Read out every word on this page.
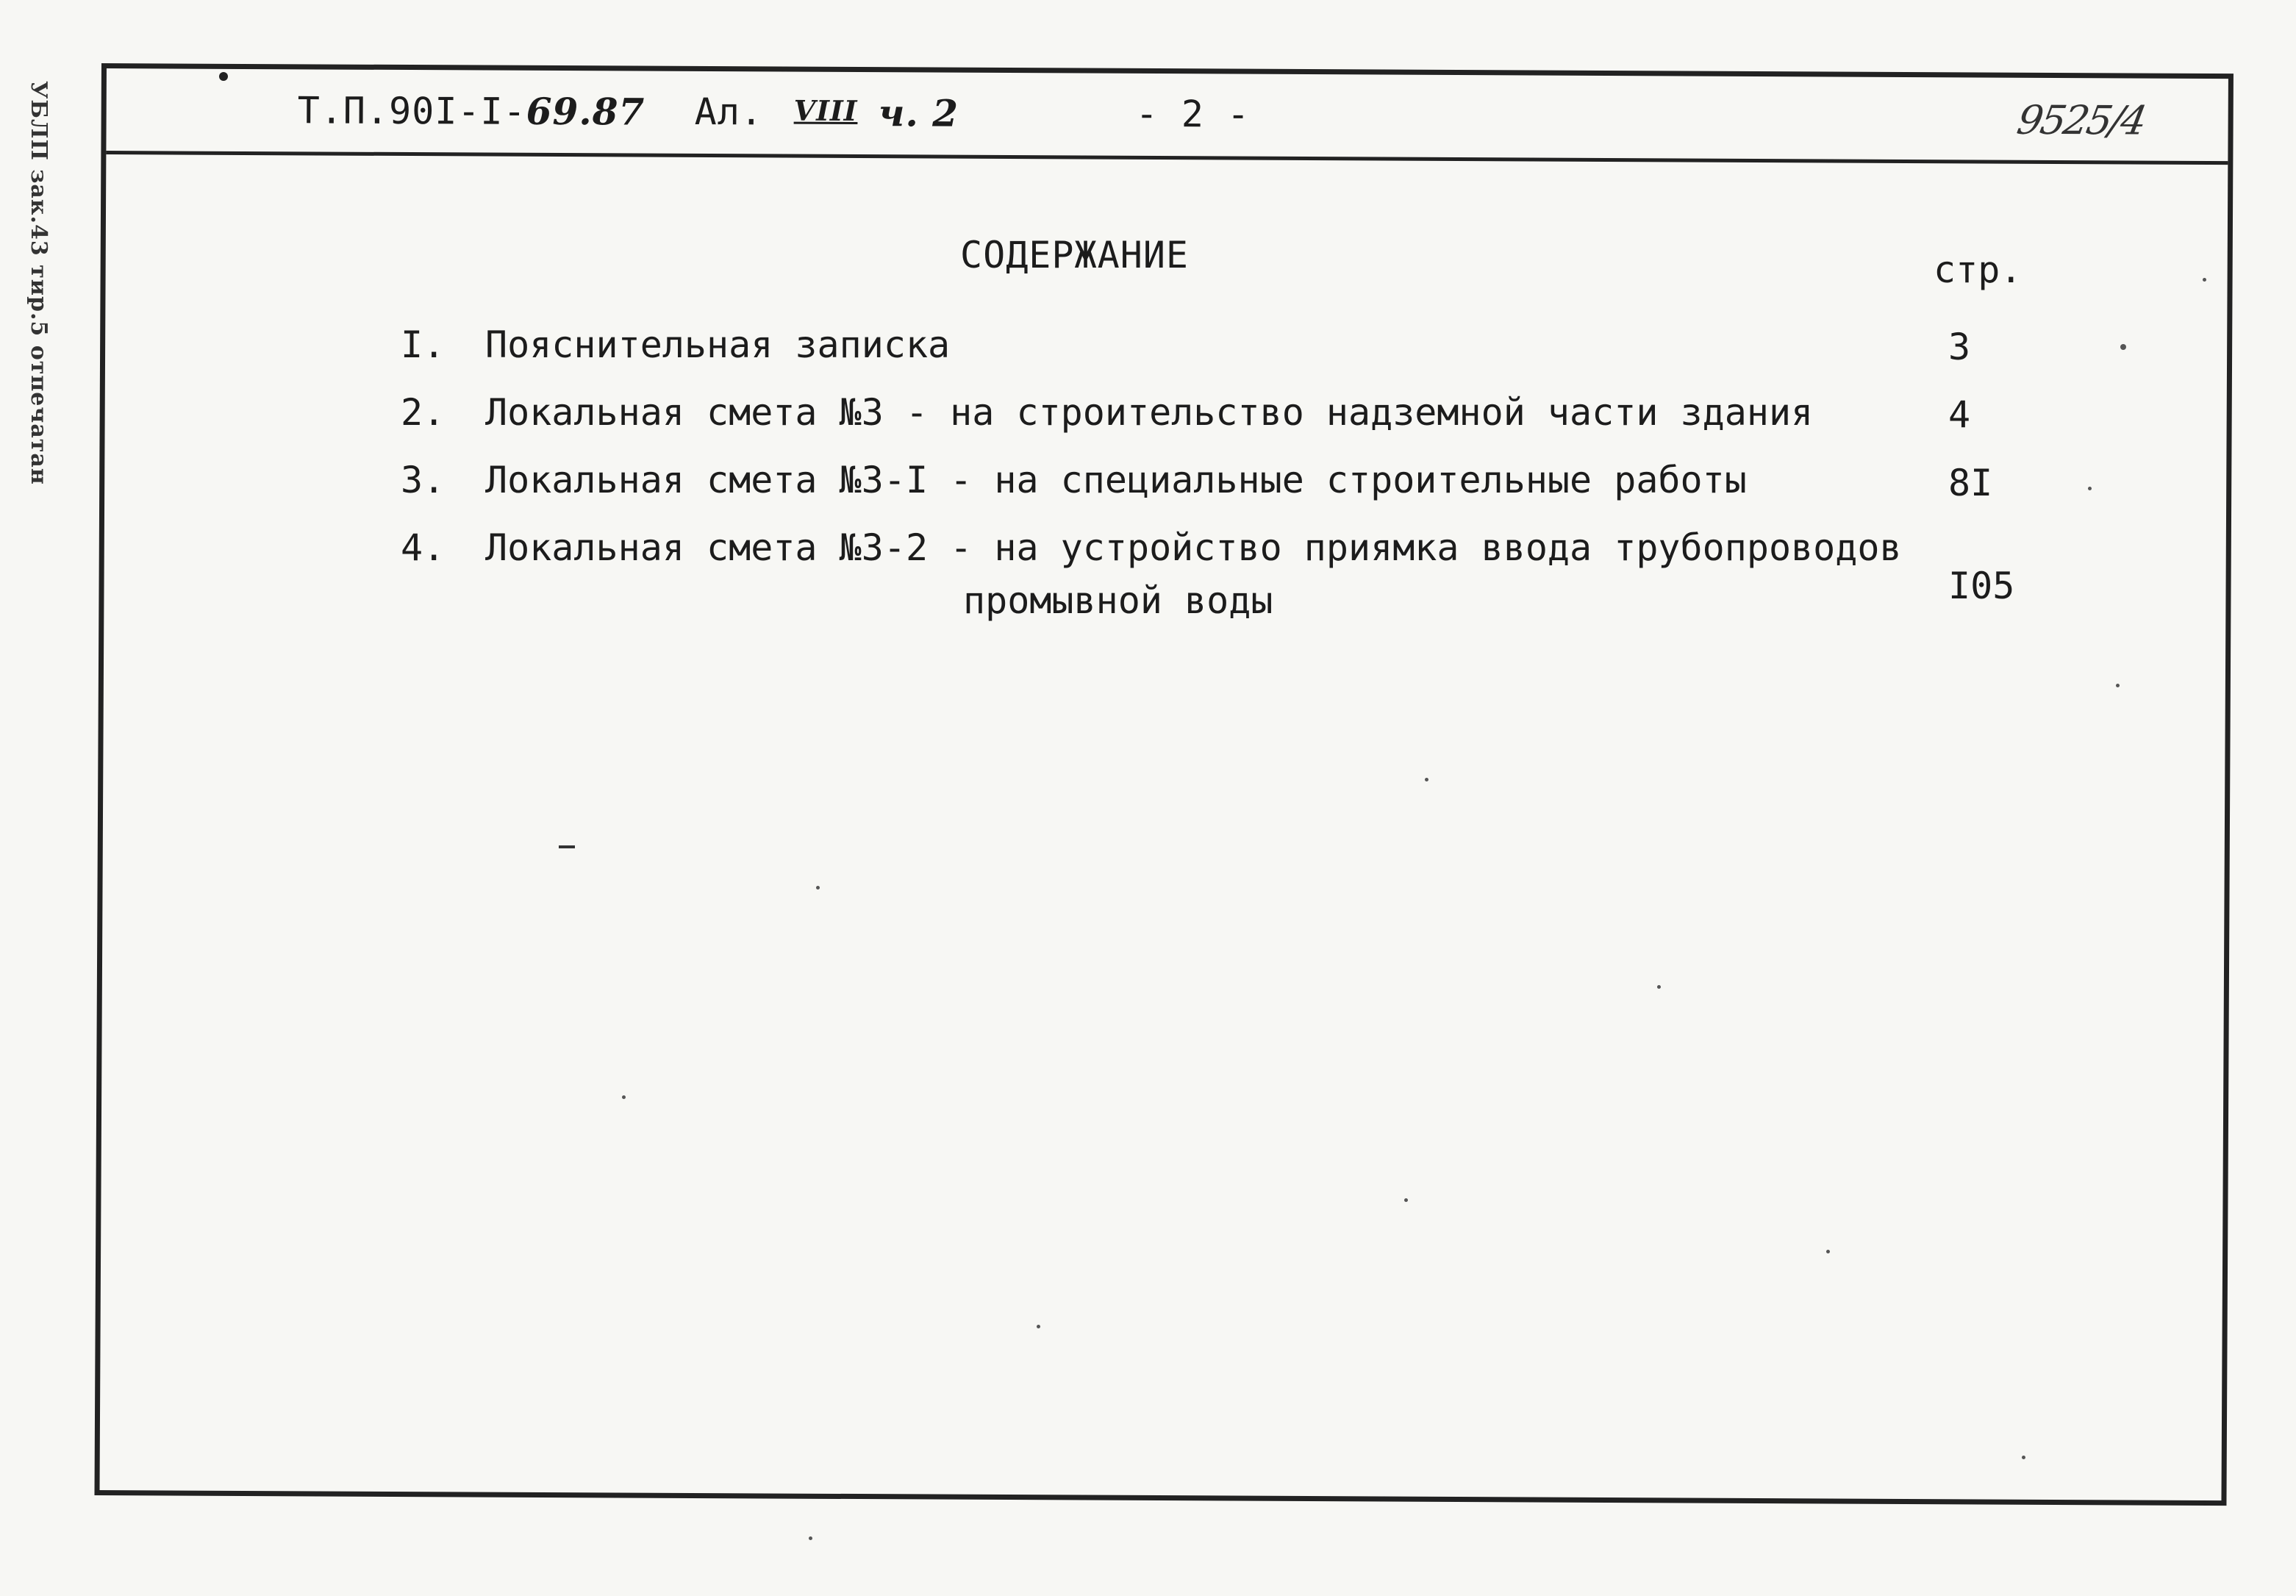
УБЛП зак.43 тир.5 отпечатан	Т.П.90I-I-69.87 Ал. VIII ч. 2	- 2 -	9525/4
СОДЕРЖАНИЕ	стр.
I. Пояснительная записка	3
2. Локальная смета №3 - на строительство надземной части здания	4
3. Локальная смета №3-I - на специальные строительные работы	8I
4. Локальная смета №3-2 - на устройство приямка ввода трубопроводов
промывной воды	I05
